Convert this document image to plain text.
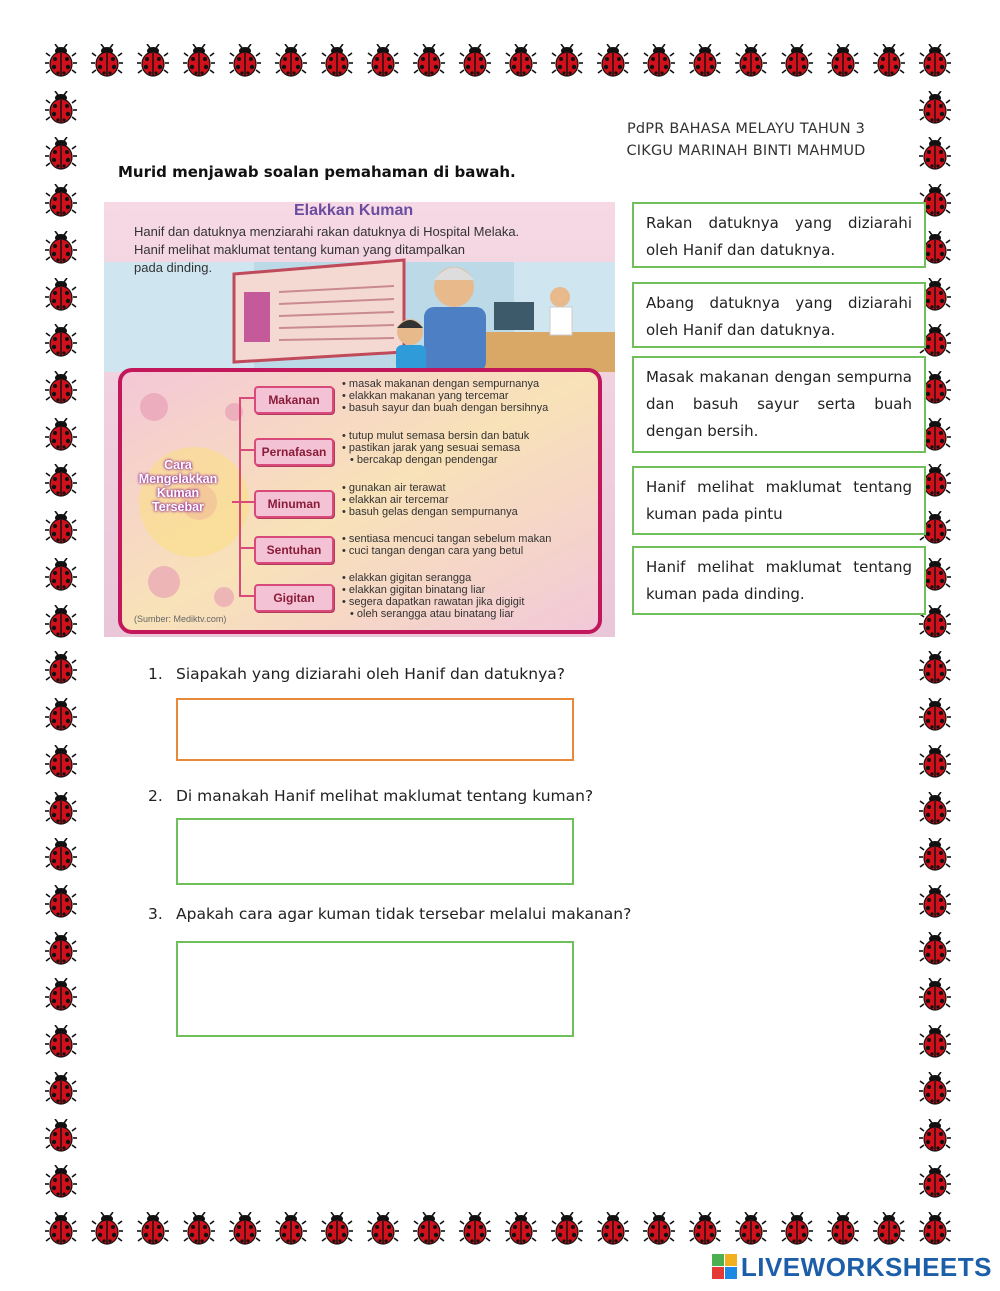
PdPR BAHASA MELAYU TAHUN 3
CIKGU MARINAH BINTI MAHMUD
Murid menjawab soalan pemahaman di bawah.
Elakkan Kuman
Hanif dan datuknya menziarahi rakan datuknya di Hospital Melaka.
Hanif melihat maklumat tentang kuman yang ditampalkan
pada dinding.
Cara
Mengelakkan
Kuman
Tersebar
Makanan
• masak makanan dengan sempurnanya
• elakkan makanan yang tercemar
• basuh sayur dan buah dengan bersihnya
Pernafasan
• tutup mulut semasa bersin dan batuk
• pastikan jarak yang sesuai semasa
• bercakap dengan pendengar
Minuman
• gunakan air terawat
• elakkan air tercemar
• basuh gelas dengan sempurnanya
Sentuhan
• sentiasa mencuci tangan sebelum makan
• cuci tangan dengan cara yang betul
Gigitan
• elakkan gigitan serangga
• elakkan gigitan binatang liar
• segera dapatkan rawatan jika digigit
• oleh serangga atau binatang liar
(Sumber: Mediktv.com)
Rakan datuknya yang diziarahi oleh Hanif dan datuknya.
Abang datuknya yang diziarahi oleh Hanif dan datuknya.
Masak makanan dengan sempurna dan basuh sayur serta buah dengan bersih.
Hanif melihat maklumat tentang kuman pada pintu
Hanif melihat maklumat tentang kuman pada dinding.
1. Siapakah yang diziarahi oleh Hanif dan datuknya?
2. Di manakah Hanif melihat maklumat tentang kuman?
3. Apakah cara agar kuman tidak tersebar melalui makanan?
LIVEWORKSHEETS
